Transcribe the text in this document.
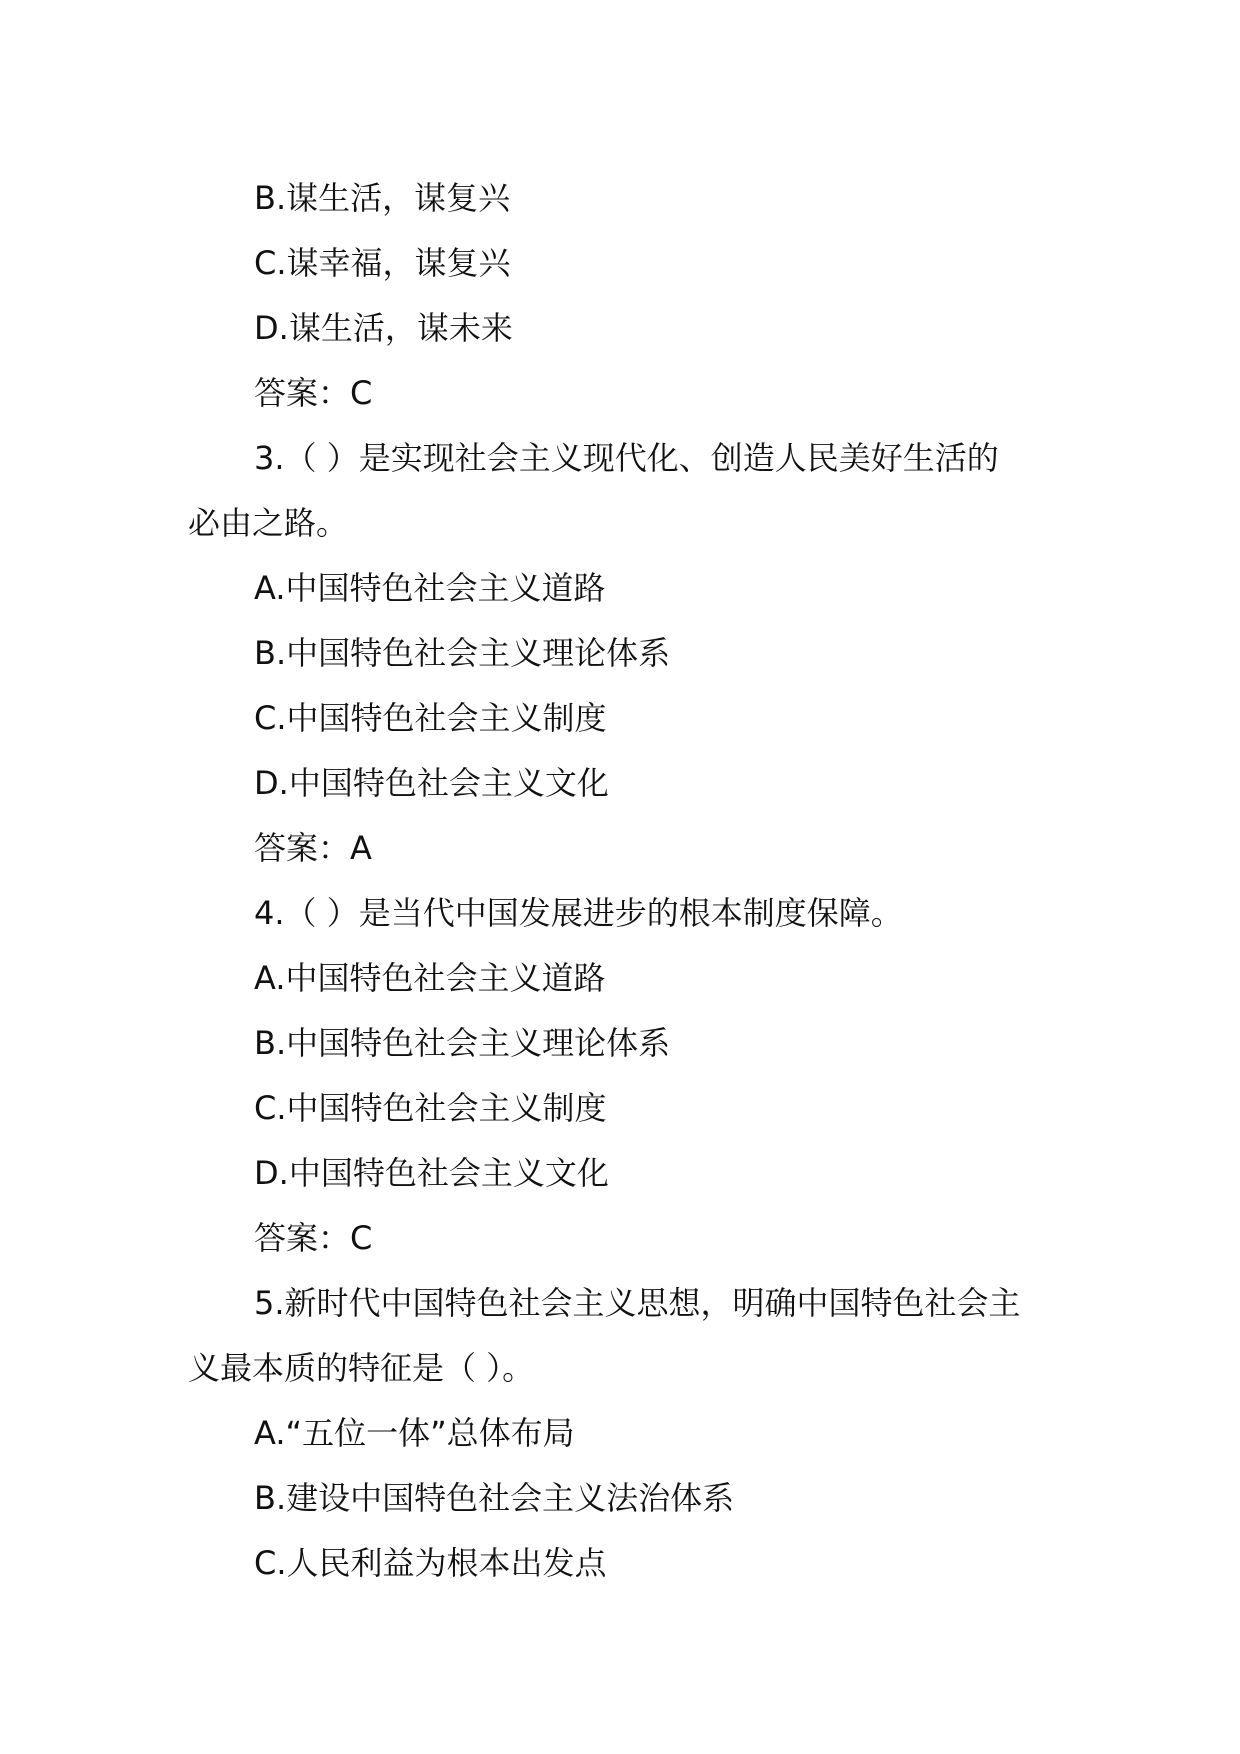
B.谋生活，谋复兴
C.谋幸福，谋复兴
D.谋生活，谋未来
答案：C
3.（ ）是实现社会主义现代化、创造人民美好生活的
必由之路。
A.中国特色社会主义道路
B.中国特色社会主义理论体系
C.中国特色社会主义制度
D.中国特色社会主义文化
答案：A
4.（ ）是当代中国发展进步的根本制度保障。
A.中国特色社会主义道路
B.中国特色社会主义理论体系
C.中国特色社会主义制度
D.中国特色社会主义文化
答案：C
5.新时代中国特色社会主义思想，明确中国特色社会主
义最本质的特征是（ ）。
A.“五位一体”总体布局
B.建设中国特色社会主义法治体系
C.人民利益为根本出发点
